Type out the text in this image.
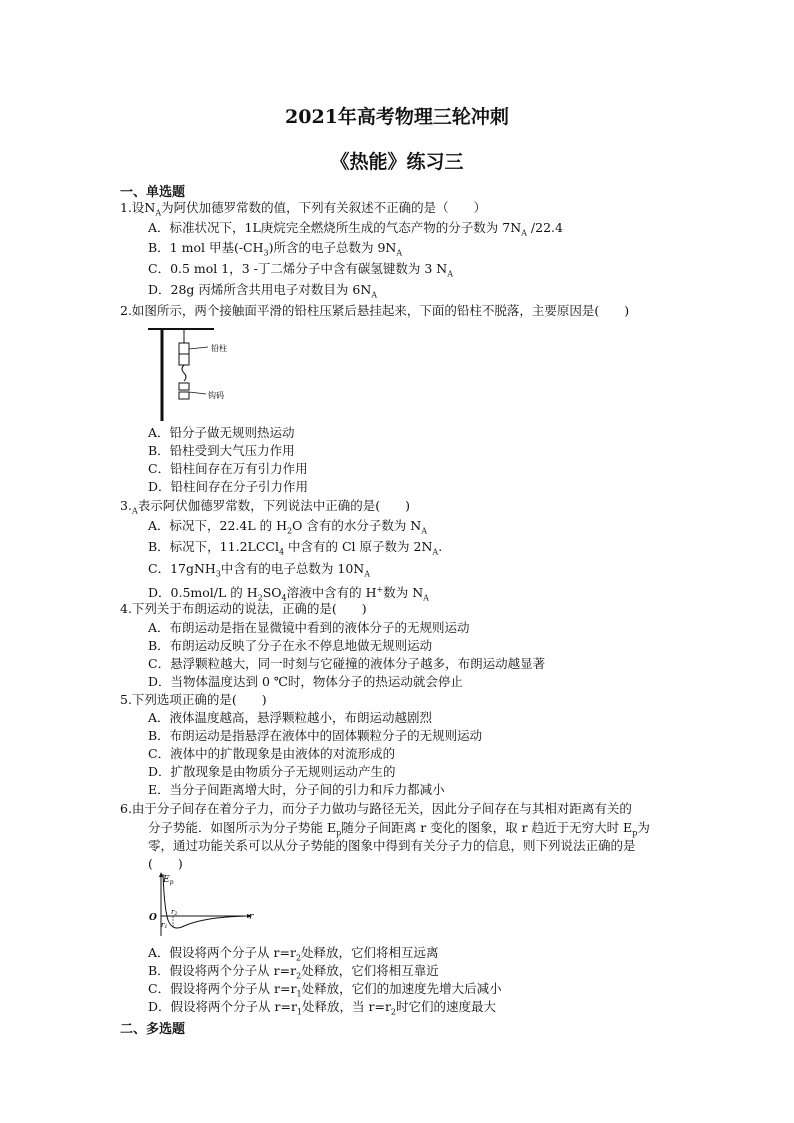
2021年高考物理三轮冲刺
《热能》练习三
一、单选题
1.设$N_A$为阿伏加德罗常数的值，下列有关叙述不正确的是（　　）
A．标准状况下，1L庚烷完全燃烧所生成的气态产物的分子数为 $7N_A$ /22.4
B．1 mol 甲基$(-CH_3)$所含的电子总数为 $9N_A$
C．0.5 mol 1，3 -丁二烯分子中含有碳氢键数为 3 $N_A$
D．28g 丙烯所含共用电子对数目为 $6N_A$
2.如图所示，两个接触面平滑的铅柱压紧后悬挂起来，下面的铅柱不脱落，主要原因是(　　)
铅柱
钩码
A．铅分子做无规则热运动
B．铅柱受到大气压力作用
C．铅柱间存在万有引力作用
D．铅柱间存在分子引力作用
$3._A$表示阿伏伽德罗常数，下列说法中正确的是(　　)
A．标况下，22.4L 的 $H_2O$ 含有的水分子数为 $N_A$
B．标况下，11.2LCCl$_4$ 中含有的 Cl 原子数为 $2N_A$.
C．17gNH$_3$中含有的电子总数为 $10N_A$
D．0.5mol/L 的 $H_2SO_4$溶液中含有的 H+数为 $N_A$
4.下列关于布朗运动的说法，正确的是(　　)
A．布朗运动是指在显微镜中看到的液体分子的无规则运动
B．布朗运动反映了分子在永不停息地做无规则运动
C．悬浮颗粒越大，同一时刻与它碰撞的液体分子越多，布朗运动越显著
D．当物体温度达到 0 ℃时，物体分子的热运动就会停止
5.下列选项正确的是(　　)
A．液体温度越高，悬浮颗粒越小，布朗运动越剧烈
B．布朗运动是指悬浮在液体中的固体颗粒分子的无规则运动
C．液体中的扩散现象是由液体的对流形成的
D．扩散现象是由物质分子无规则运动产生的
E．当分子间距离增大时，分子间的引力和斥力都减小
6.由于分子间存在着分子力，而分子力做功与路径无关，因此分子间存在与其相对距离有关的
分子势能．如图所示为分子势能 $E_p$随分子间距离 r 变化的图象，取 r 趋近于无穷大时 $E_p$为
零，通过功能关系可以从分子势能的图象中得到有关分子力的信息，则下列说法正确的是
(　　)
$E_p$
O	r
r1
r2
A．假设将两个分子从 $r=r_2$处释放，它们将相互远离
B．假设将两个分子从 $r=r_2$处释放，它们将相互靠近
C．假设将两个分子从 $r=r_1$处释放，它们的加速度先增大后减小
D．假设将两个分子从 $r=r_1$处释放，当 $r=r_2$时它们的速度最大
二、多选题
